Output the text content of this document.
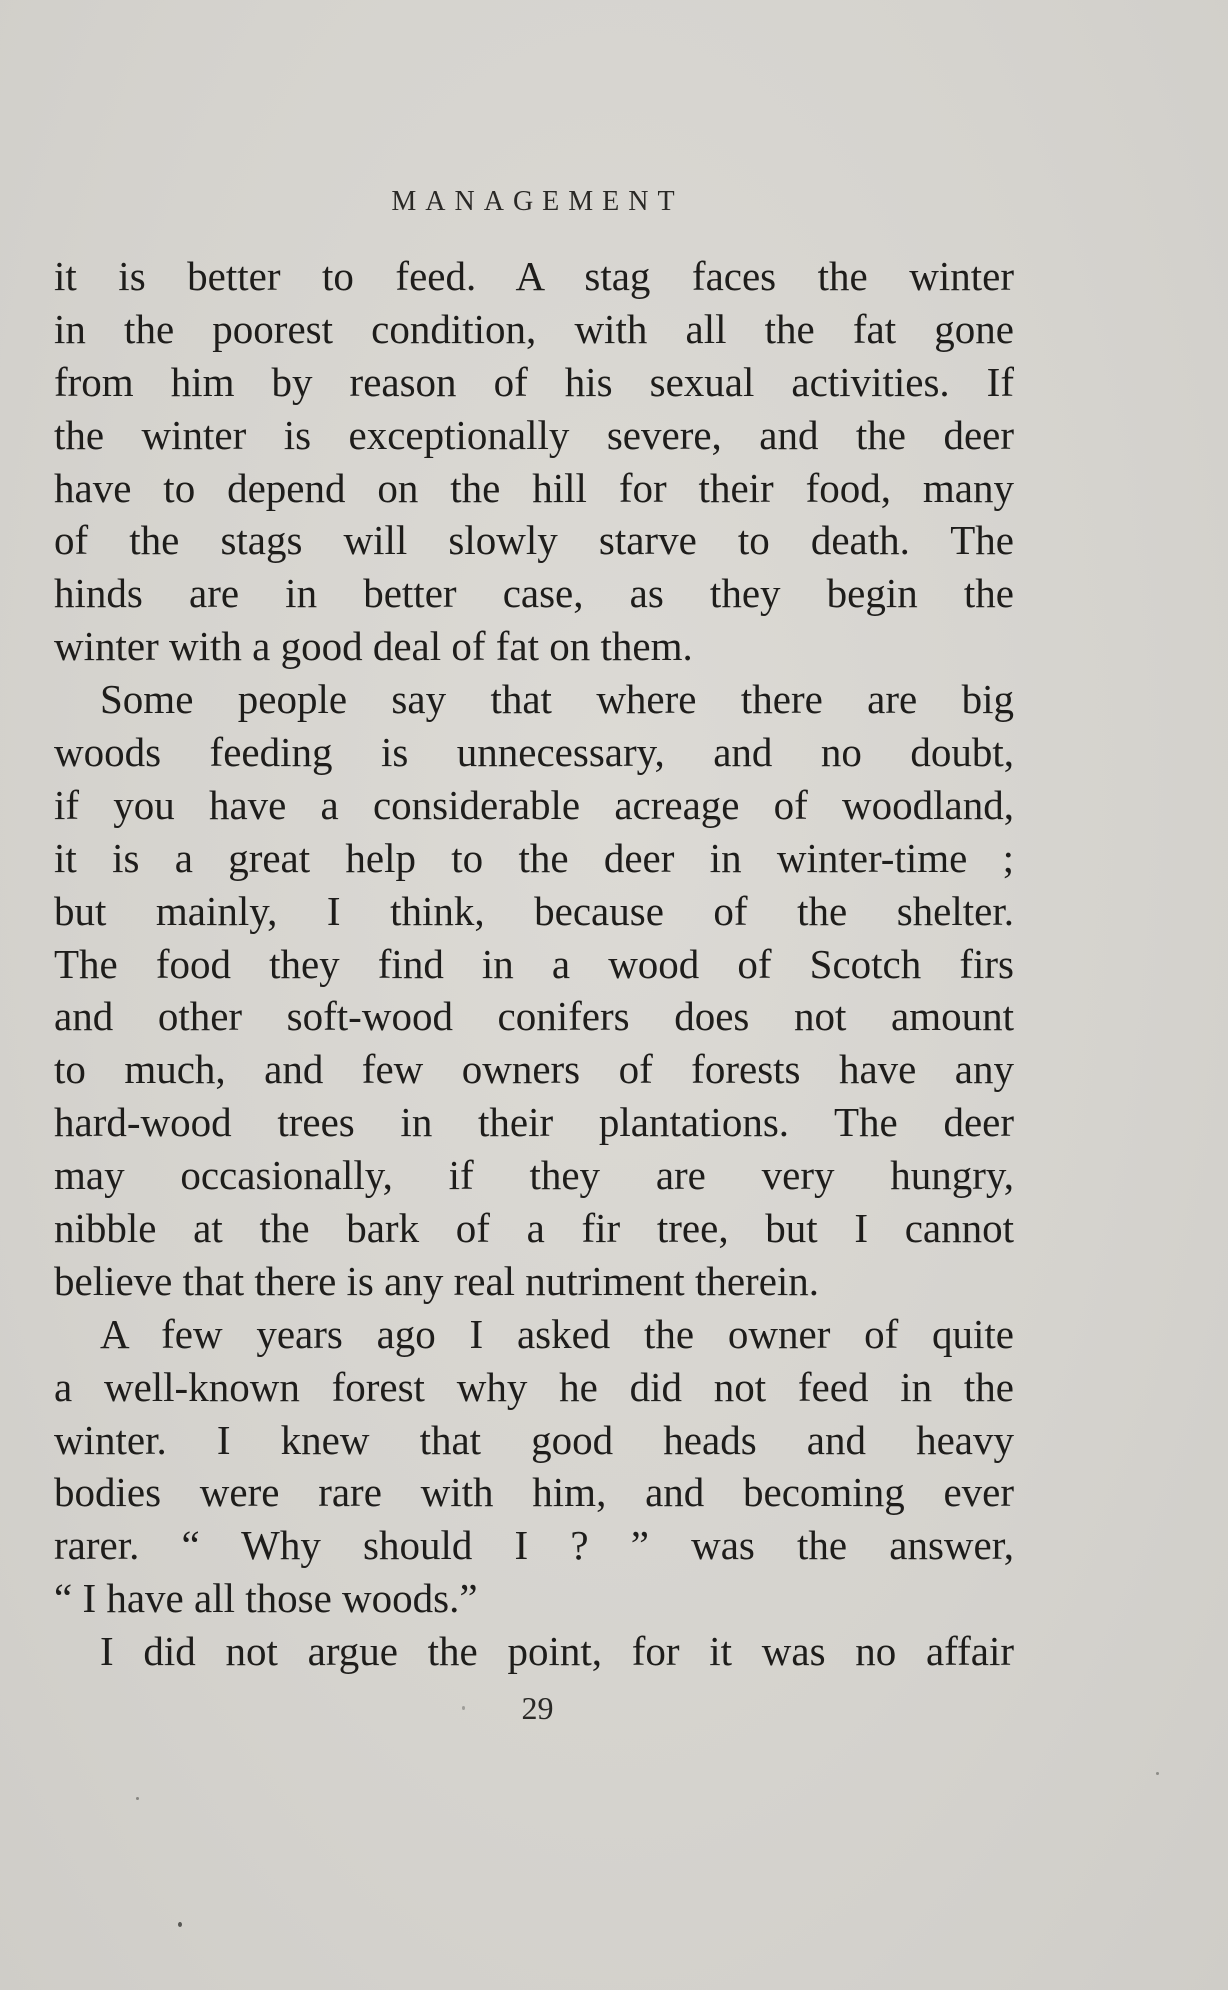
MANAGEMENT
it is better to feed. A stag faces the winter
in the poorest condition, with all the fat gone
from him by reason of his sexual activities. If
the winter is exceptionally severe, and the deer
have to depend on the hill for their food, many
of the stags will slowly starve to death. The
hinds are in better case, as they begin the
winter with a good deal of fat on them.
Some people say that where there are big
woods feeding is unnecessary, and no doubt,
if you have a considerable acreage of woodland,
it is a great help to the deer in winter-time ;
but mainly, I think, because of the shelter.
The food they find in a wood of Scotch firs
and other soft-wood conifers does not amount
to much, and few owners of forests have any
hard-wood trees in their plantations. The deer
may occasionally, if they are very hungry,
nibble at the bark of a fir tree, but I cannot
believe that there is any real nutriment therein.
A few years ago I asked the owner of quite
a well-known forest why he did not feed in the
winter. I knew that good heads and heavy
bodies were rare with him, and becoming ever
rarer. “ Why should I ? ” was the answer,
“ I have all those woods.”
I did not argue the point, for it was no affair
29
